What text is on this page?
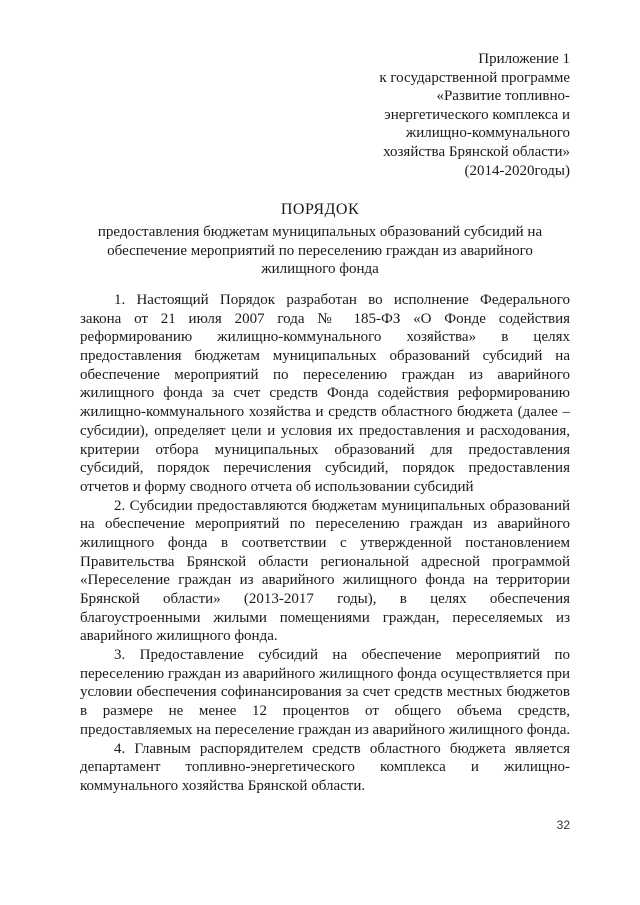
Приложение 1
к государственной программе
«Развитие топливно-
энергетического комплекса и
жилищно-коммунального
хозяйства Брянской области»
(2014-2020годы)
ПОРЯДОК
предоставления бюджетам муниципальных образований субсидий на
обеспечение мероприятий по переселению граждан из аварийного
жилищного фонда
1. Настоящий Порядок разработан во исполнение Федерального
закона от 21 июля 2007 года № 185-ФЗ «О Фонде содействия
реформированию жилищно-коммунального хозяйства» в целях
предоставления бюджетам муниципальных образований субсидий на
обеспечение мероприятий по переселению граждан из аварийного
жилищного фонда за счет средств Фонда содействия реформированию
жилищно-коммунального хозяйства и средств областного бюджета (далее –
субсидии), определяет цели и условия их предоставления и расходования,
критерии отбора муниципальных образований для предоставления
субсидий, порядок перечисления субсидий, порядок предоставления
отчетов и форму сводного отчета об использовании субсидий
2. Субсидии предоставляются бюджетам муниципальных образований
на обеспечение мероприятий по переселению граждан из аварийного
жилищного фонда в соответствии с утвержденной постановлением
Правительства Брянской области региональной адресной программой
«Переселение граждан из аварийного жилищного фонда на территории
Брянской области» (2013-2017 годы), в целях обеспечения
благоустроенными жилыми помещениями граждан, переселяемых из
аварийного жилищного фонда.
3. Предоставление субсидий на обеспечение мероприятий по
переселению граждан из аварийного жилищного фонда осуществляется при
условии обеспечения софинансирования за счет средств местных бюджетов
в размере не менее 12 процентов от общего объема средств,
предоставляемых на переселение граждан из аварийного жилищного фонда.
4. Главным распорядителем средств областного бюджета является
департамент топливно-энергетического комплекса и жилищно-
коммунального хозяйства Брянской области.
32
